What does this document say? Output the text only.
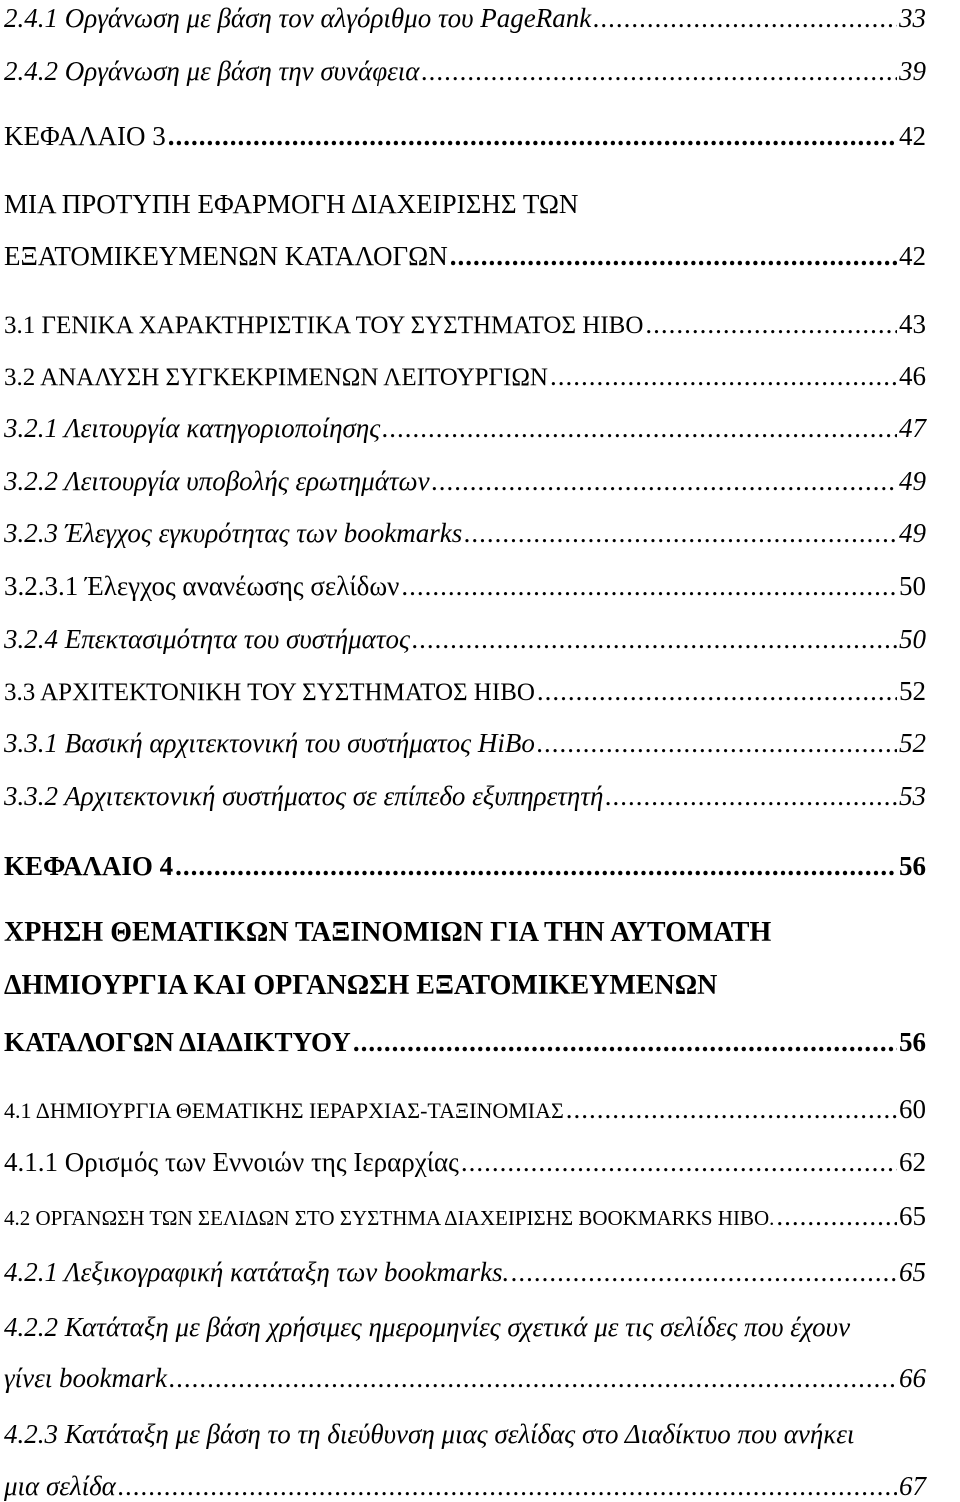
2.4.1 Οργάνωση με βάση τον αλγόριθμο του PageRank .....	33
2.4.2 Οργάνωση με βάση την συνάφεια .....	39
ΚΕΦΑΛΑΙΟ 3 .....	42
ΜΙΑ ΠΡΟΤΥΠΗ ΕΦΑΡΜΟΓΗ ΔΙΑΧΕΙΡΙΣΗΣ ΤΩΝ
ΕΞΑΤΟΜΙΚΕΥΜΕΝΩΝ ΚΑΤΑΛΟΓΩΝ .....	42
3.1 ΓΕΝΙΚΑ ΧΑΡΑΚΤΗΡΙΣΤΙΚΑ ΤΟΥ ΣΥΣΤΗΜΑΤΟΣ HIBO .....	43
3.2 ΑΝΑΛΥΣΗ ΣΥΓΚΕΚΡΙΜΕΝΩΝ ΛΕΙΤΟΥΡΓΙΩΝ .....	46
3.2.1 Λειτουργία κατηγοριοποίησης .....	47
3.2.2 Λειτουργία υποβολής ερωτημάτων .....	49
3.2.3 Έλεγχος εγκυρότητας των bookmarks .....	49
3.2.3.1 Έλεγχος ανανέωσης σελίδων .....	50
3.2.4 Επεκτασιμότητα του συστήματος .....	50
3.3 ΑΡΧΙΤΕΚΤΟΝΙΚΗ ΤΟΥ ΣΥΣΤΗΜΑΤΟΣ HIBO .....	52
3.3.1 Βασική αρχιτεκτονική του συστήματος HiBo .....	52
3.3.2 Αρχιτεκτονική συστήματος σε επίπεδο εξυπηρετητή .....	53
ΚΕΦΑΛΑΙΟ 4 .....	56
ΧΡΗΣΗ ΘΕΜΑΤΙΚΩΝ ΤΑΞΙΝΟΜΙΩΝ ΓΙΑ ΤΗΝ ΑΥΤΟΜΑΤΗ
ΔΗΜΙΟΥΡΓΙΑ ΚΑΙ ΟΡΓΑΝΩΣΗ ΕΞΑΤΟΜΙΚΕΥΜΕΝΩΝ
ΚΑΤΑΛΟΓΩΝ ΔΙΑΔΙΚΤΥΟΥ .....	56
4.1 ΔΗΜΙΟΥΡΓΙΑ ΘΕΜΑΤΙΚΗΣ ΙΕΡΑΡΧΙΑΣ-ΤΑΞΙΝΟΜΙΑΣ .....	60
4.1.1 Ορισμός των Εννοιών της Ιεραρχίας .....	62
4.2 ΟΡΓΑΝΩΣΗ ΤΩΝ ΣΕΛΙΔΩΝ ΣΤΟ ΣΥΣΤΗΜΑ ΔΙΑΧΕΙΡΙΣΗΣ BOOKMARKS HIBO. .....	65
4.2.1 Λεξικογραφική κατάταξη των bookmarks. .....	65
4.2.2 Κατάταξη με βάση χρήσιμες ημερομηνίες σχετικά με τις σελίδες που έχουν
γίνει bookmark .....	66
4.2.3 Κατάταξη με βάση το τη διεύθυνση μιας σελίδας στο Διαδίκτυο που ανήκει
μια σελίδα .....	67
